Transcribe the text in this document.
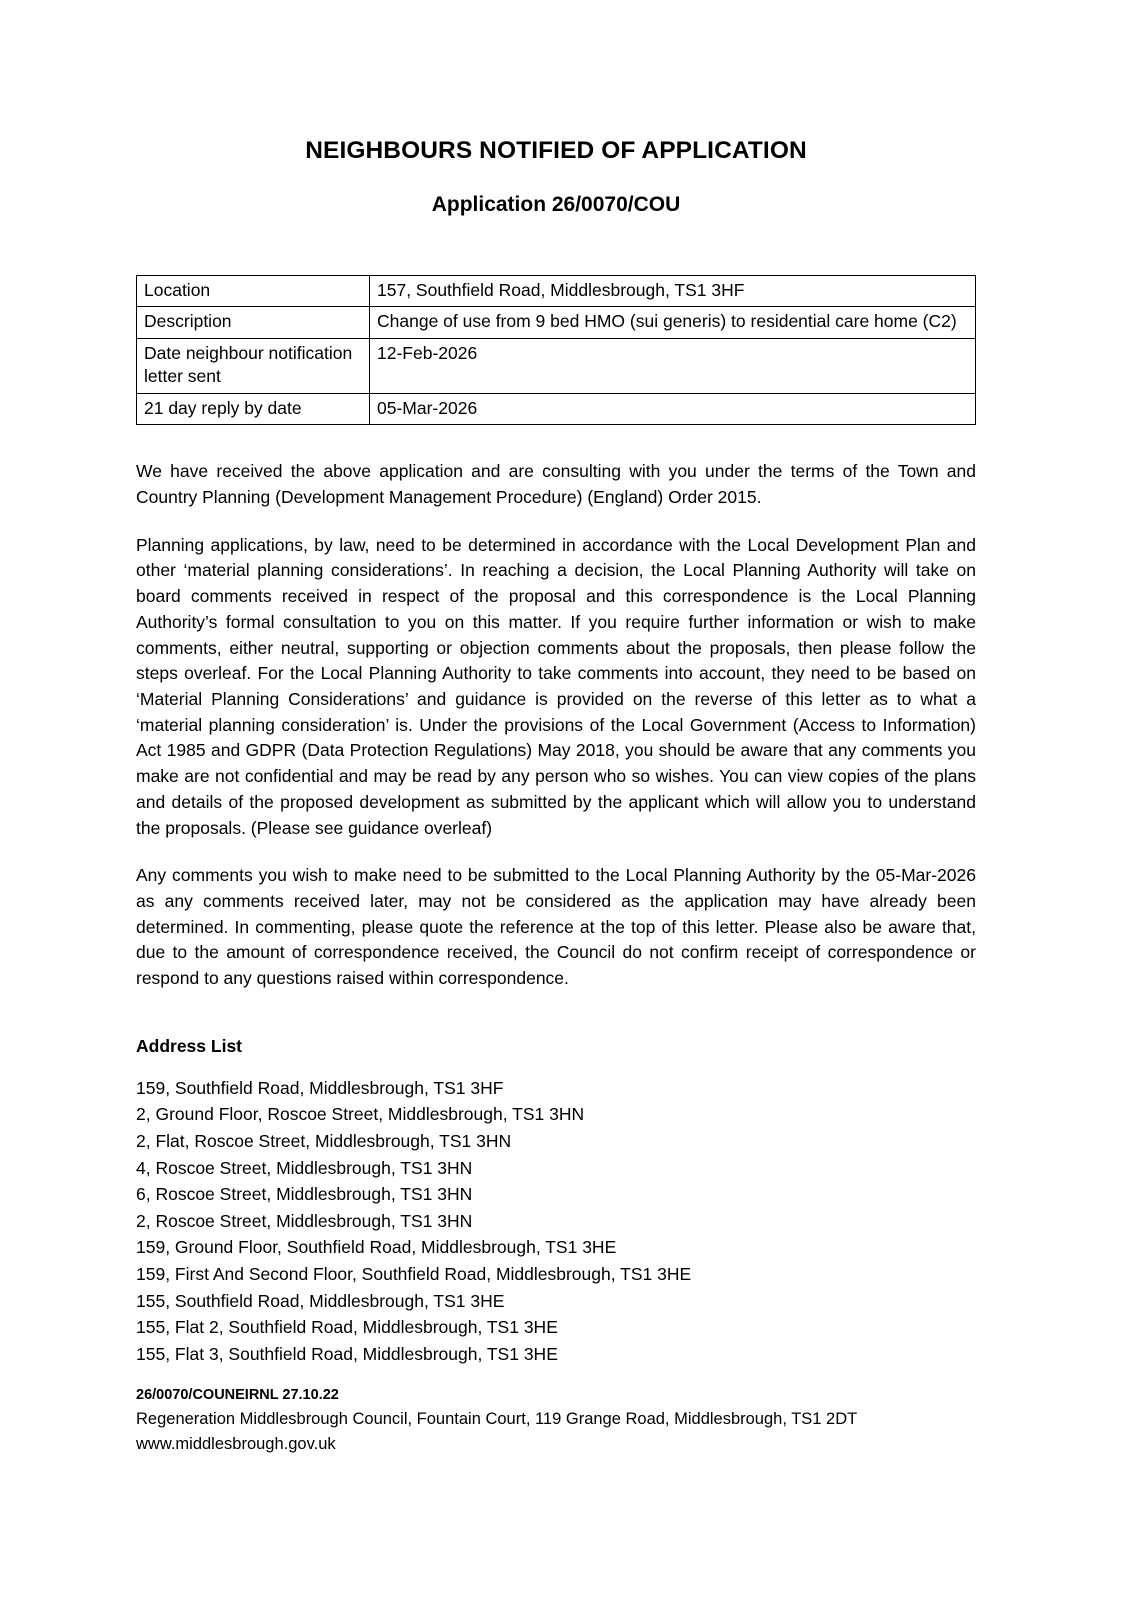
NEIGHBOURS NOTIFIED OF APPLICATION
Application 26/0070/COU
Location	157, Southfield Road, Middlesbrough, TS1 3HF
Description	Change of use from 9 bed HMO (sui generis) to residential care home (C2)
Date neighbour notification letter sent	12-Feb-2026
21 day reply by date	05-Mar-2026

We have received the above application and are consulting with you under the terms of the Town and Country Planning (Development Management Procedure) (England) Order 2015.

Planning applications, by law, need to be determined in accordance with the Local Development Plan and other ‘material planning considerations’. In reaching a decision, the Local Planning Authority will take on board comments received in respect of the proposal and this correspondence is the Local Planning Authority’s formal consultation to you on this matter. If you require further information or wish to make comments, either neutral, supporting or objection comments about the proposals, then please follow the steps overleaf. For the Local Planning Authority to take comments into account, they need to be based on ‘Material Planning Considerations’ and guidance is provided on the reverse of this letter as to what a ‘material planning consideration’ is. Under the provisions of the Local Government (Access to Information) Act 1985 and GDPR (Data Protection Regulations) May 2018, you should be aware that any comments you make are not confidential and may be read by any person who so wishes. You can view copies of the plans and details of the proposed development as submitted by the applicant which will allow you to understand the proposals. (Please see guidance overleaf)

Any comments you wish to make need to be submitted to the Local Planning Authority by the 05-Mar-2026 as any comments received later, may not be considered as the application may have already been determined. In commenting, please quote the reference at the top of this letter. Please also be aware that, due to the amount of correspondence received, the Council do not confirm receipt of correspondence or respond to any questions raised within correspondence.

Address List
159, Southfield Road, Middlesbrough, TS1 3HF
2, Ground Floor, Roscoe Street, Middlesbrough, TS1 3HN
2, Flat, Roscoe Street, Middlesbrough, TS1 3HN
4, Roscoe Street, Middlesbrough, TS1 3HN
6, Roscoe Street, Middlesbrough, TS1 3HN
2, Roscoe Street, Middlesbrough, TS1 3HN
159, Ground Floor, Southfield Road, Middlesbrough, TS1 3HE
159, First And Second Floor, Southfield Road, Middlesbrough, TS1 3HE
155, Southfield Road, Middlesbrough, TS1 3HE
155, Flat 2, Southfield Road, Middlesbrough, TS1 3HE
155, Flat 3, Southfield Road, Middlesbrough, TS1 3HE

26/0070/COUNEIRNL 27.10.22

Regeneration Middlesbrough Council, Fountain Court, 119 Grange Road, Middlesbrough, TS1 2DT

www.middlesbrough.gov.uk
